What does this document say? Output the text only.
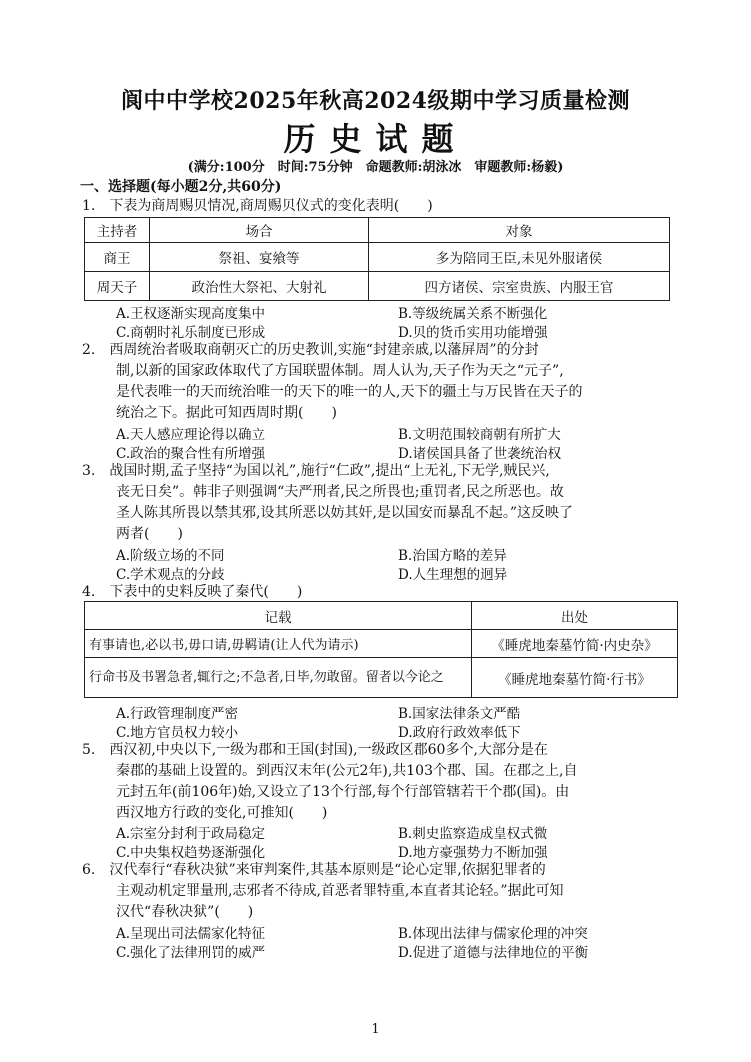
阆中中学校2025年秋高2024级期中学习质量检测
历史试题
(满分:100分　时间:75分钟　命题教师:胡泳冰　审题教师:杨毅)
一、选择题(每小题2分,共60分)
1.　下表为商周赐贝情况,商周赐贝仪式的变化表明(　　)
主持者	场合	对象
商王	祭祖、宴飨等	多为陪同王臣,未见外服诸侯
周天子	政治性大祭祀、大射礼	四方诸侯、宗室贵族、内服王官
A.王权逐渐实现高度集中	B.等级统属关系不断强化
C.商朝时礼乐制度已形成	D.贝的货币实用功能增强
2.　西周统治者吸取商朝灭亡的历史教训,实施“封建亲戚,以藩屏周”的分封
制,以新的国家政体取代了方国联盟体制。周人认为,天子作为天之“元子”,
是代表唯一的天而统治唯一的天下的唯一的人,天下的疆土与万民皆在天子的
统治之下。据此可知西周时期(　　)
A.天人感应理论得以确立	B.文明范围较商朝有所扩大
C.政治的聚合性有所增强	D.诸侯国具备了世袭统治权
3.　战国时期,孟子坚持“为国以礼”,施行“仁政”,提出“上无礼,下无学,贼民兴,
丧无日矣”。韩非子则强调“夫严刑者,民之所畏也;重罚者,民之所恶也。故
圣人陈其所畏以禁其邪,设其所恶以妨其奸,是以国安而暴乱不起。”这反映了
两者(　　)
A.阶级立场的不同	B.治国方略的差异
C.学术观点的分歧	D.人生理想的迥异
4.　下表中的史料反映了秦代(　　)
记载	出处
有事请也,必以书,毋口请,毋羁请(让人代为请示)	《睡虎地秦墓竹简·内史杂》
行命书及书署急者,辄行之;不急者,日毕,勿敢留。留者以今论之	《睡虎地秦墓竹简·行书》
A.行政管理制度严密	B.国家法律条文严酷
C.地方官员权力较小	D.政府行政效率低下
5.　西汉初,中央以下,一级为郡和王国(封国),一级政区郡60多个,大部分是在
秦郡的基础上设置的。到西汉末年(公元2年),共103个郡、国。在郡之上,自
元封五年(前106年)始,又设立了13个行部,每个行部管辖若干个郡(国)。由
西汉地方行政的变化,可推知(　　)
A.宗室分封利于政局稳定	B.刺史监察造成皇权式微
C.中央集权趋势逐渐强化	D.地方豪强势力不断加强
6.　汉代奉行“春秋决狱”来审判案件,其基本原则是“论心定罪,依据犯罪者的
主观动机定罪量刑,志邪者不待成,首恶者罪特重,本直者其论轻。”据此可知
汉代“春秋决狱”(　　)
A.呈现出司法儒家化特征	B.体现出法律与儒家伦理的冲突
C.强化了法律刑罚的威严	D.促进了道德与法律地位的平衡
1
